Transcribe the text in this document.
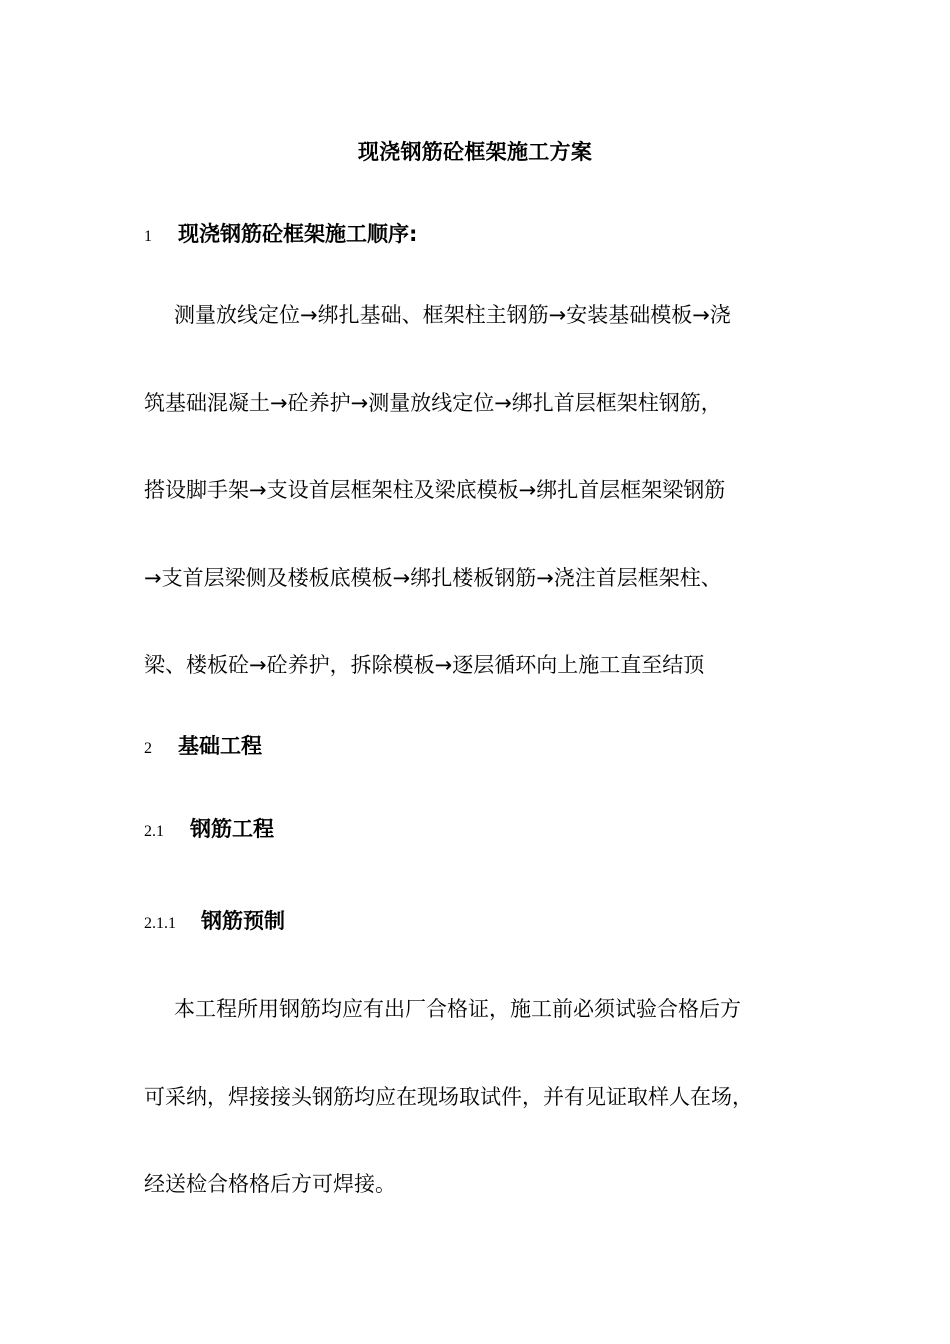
现浇钢筋砼框架施工方案
1 现浇钢筋砼框架施工顺序:
测量放线定位→绑扎基础、框架柱主钢筋→安装基础模板→浇
筑基础混凝土→砼养护→测量放线定位→绑扎首层框架柱钢筋，
搭设脚手架→支设首层框架柱及梁底模板→绑扎首层框架梁钢筋
→支首层梁侧及楼板底模板→绑扎楼板钢筋→浇注首层框架柱、
梁、楼板砼→砼养护，拆除模板→逐层循环向上施工直至结顶
2 基础工程
2.1 钢筋工程
2.1.1 钢筋预制
本工程所用钢筋均应有出厂合格证，施工前必须试验合格后方
可采纳，焊接接头钢筋均应在现场取试件，并有见证取样人在场，
经送检合格格后方可焊接。
